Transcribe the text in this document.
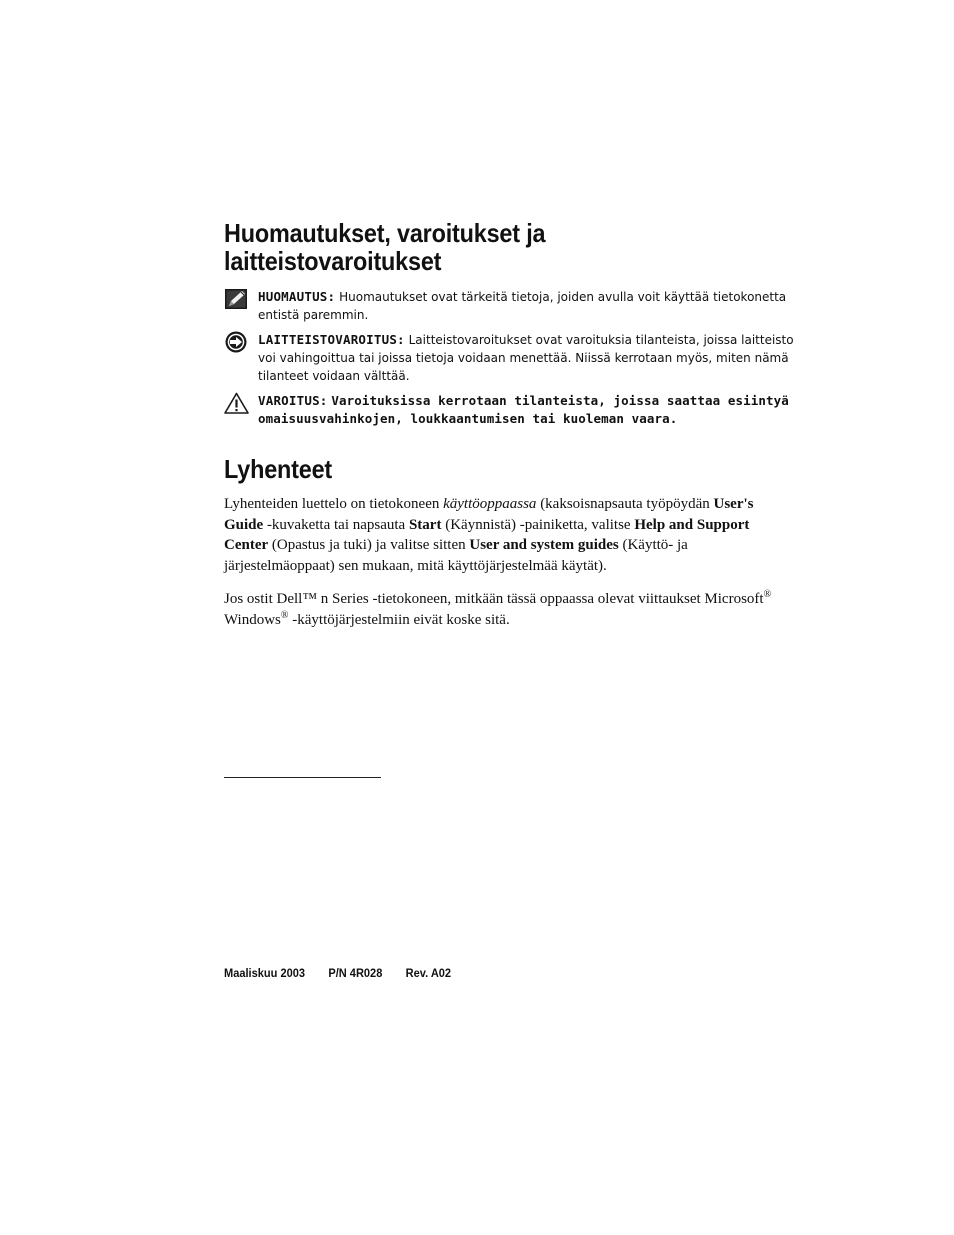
Huomautukset, varoitukset ja laitteistovaroitukset
HUOMAUTUS: Huomautukset ovat tärkeitä tietoja, joiden avulla voit käyttää tietokonetta entistä paremmin.
LAITTEISTOVAROITUS: Laitteistovaroitukset ovat varoituksia tilanteista, joissa laitteisto voi vahingoittua tai joissa tietoja voidaan menettää. Niissä kerrotaan myös, miten nämä tilanteet voidaan välttää.
VAROITUS: Varoituksissa kerrotaan tilanteista, joissa saattaa esiintyä omaisuusvahinkojen, loukkaantumisen tai kuoleman vaara.
Lyhenteet

Lyhenteiden luettelo on tietokoneen käyttöoppaassa (kaksoisnapsauta työpöydän User's Guide -kuvaketta tai napsauta Start (Käynnistä) -painiketta, valitse Help and Support Center (Opastus ja tuki) ja valitse sitten User and system guides (Käyttö- ja järjestelmäoppaat) sen mukaan, mitä käyttöjärjestelmää käytät).

Jos ostit Dell™ n Series -tietokoneen, mitkään tässä oppaassa olevat viittaukset Microsoft® Windows® -käyttöjärjestelmiin eivät koske sitä.

Maaliskuu 2003 P/N 4R028 Rev. A02
